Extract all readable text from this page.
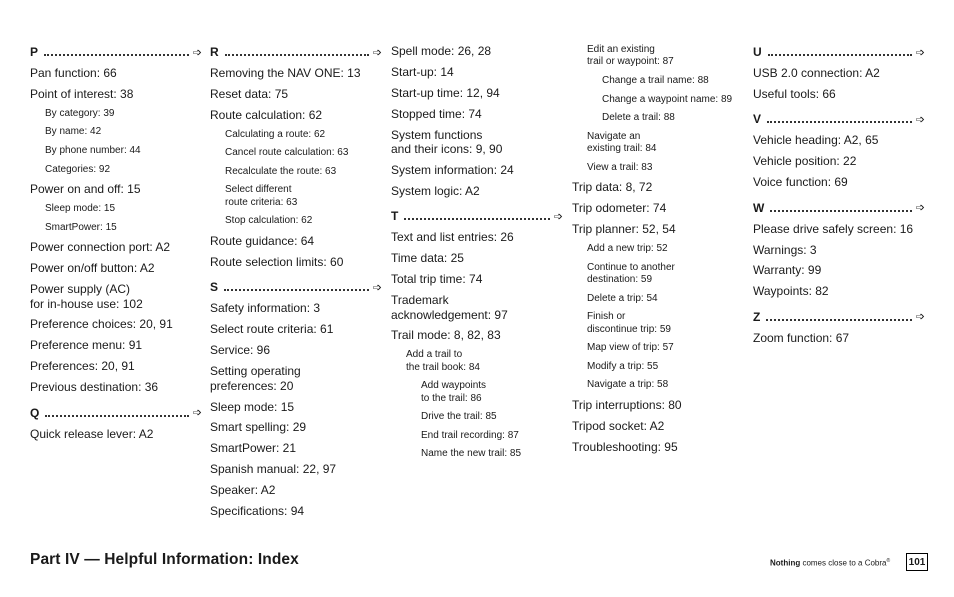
P	➩
Pan function: 66
Point of interest: 38
By category: 39
By name: 42
By phone number: 44
Categories: 92
Power on and off: 15
Sleep mode: 15
SmartPower: 15
Power connection port: A2
Power on/off button: A2
Power supply (AC)
for in-house use: 102
Preference choices: 20, 91
Preference menu: 91
Preferences: 20, 91
Previous destination: 36
Q	➩
Quick release lever: A2
R	➩
Removing the NAV ONE: 13
Reset data: 75
Route calculation: 62
Calculating a route: 62
Cancel route calculation: 63
Recalculate the route: 63
Select different
route criteria: 63
Stop calculation: 62
Route guidance: 64
Route selection limits: 60
S	➩
Safety information: 3
Select route criteria: 61
Service: 96
Setting operating
preferences: 20
Sleep mode: 15
Smart spelling: 29
SmartPower: 21
Spanish manual: 22, 97
Speaker: A2
Specifications: 94
Spell mode: 26, 28
Start-up: 14
Start-up time: 12, 94
Stopped time: 74
System functions
and their icons: 9, 90
System information: 24
System logic: A2
T	➩
Text and list entries: 26
Time data: 25
Total trip time: 74
Trademark
acknowledgement: 97
Trail mode: 8, 82, 83
Add a trail to
the trail book: 84
Add waypoints
to the trail: 86
Drive the trail: 85
End trail recording: 87
Name the new trail: 85
Edit an existing
trail or waypoint: 87
Change a trail name: 88
Change a waypoint name: 89
Delete a trail: 88
Navigate an
existing trail: 84
View a trail: 83
Trip data: 8, 72
Trip odometer: 74
Trip planner: 52, 54
Add a new trip: 52
Continue to another
destination: 59
Delete a trip: 54
Finish or
discontinue trip: 59
Map view of trip: 57
Modify a trip: 55
Navigate a trip: 58
Trip interruptions: 80
Tripod socket: A2
Troubleshooting: 95
U	➩
USB 2.0 connection: A2
Useful tools: 66
V	➩
Vehicle heading: A2, 65
Vehicle position: 22
Voice function: 69
W	➩
Please drive safely screen: 16
Warnings: 3
Warranty: 99
Waypoints: 82
Z	➩
Zoom function: 67
Part IV — Helpful Information: Index	Nothing comes close to a Cobra® 101
